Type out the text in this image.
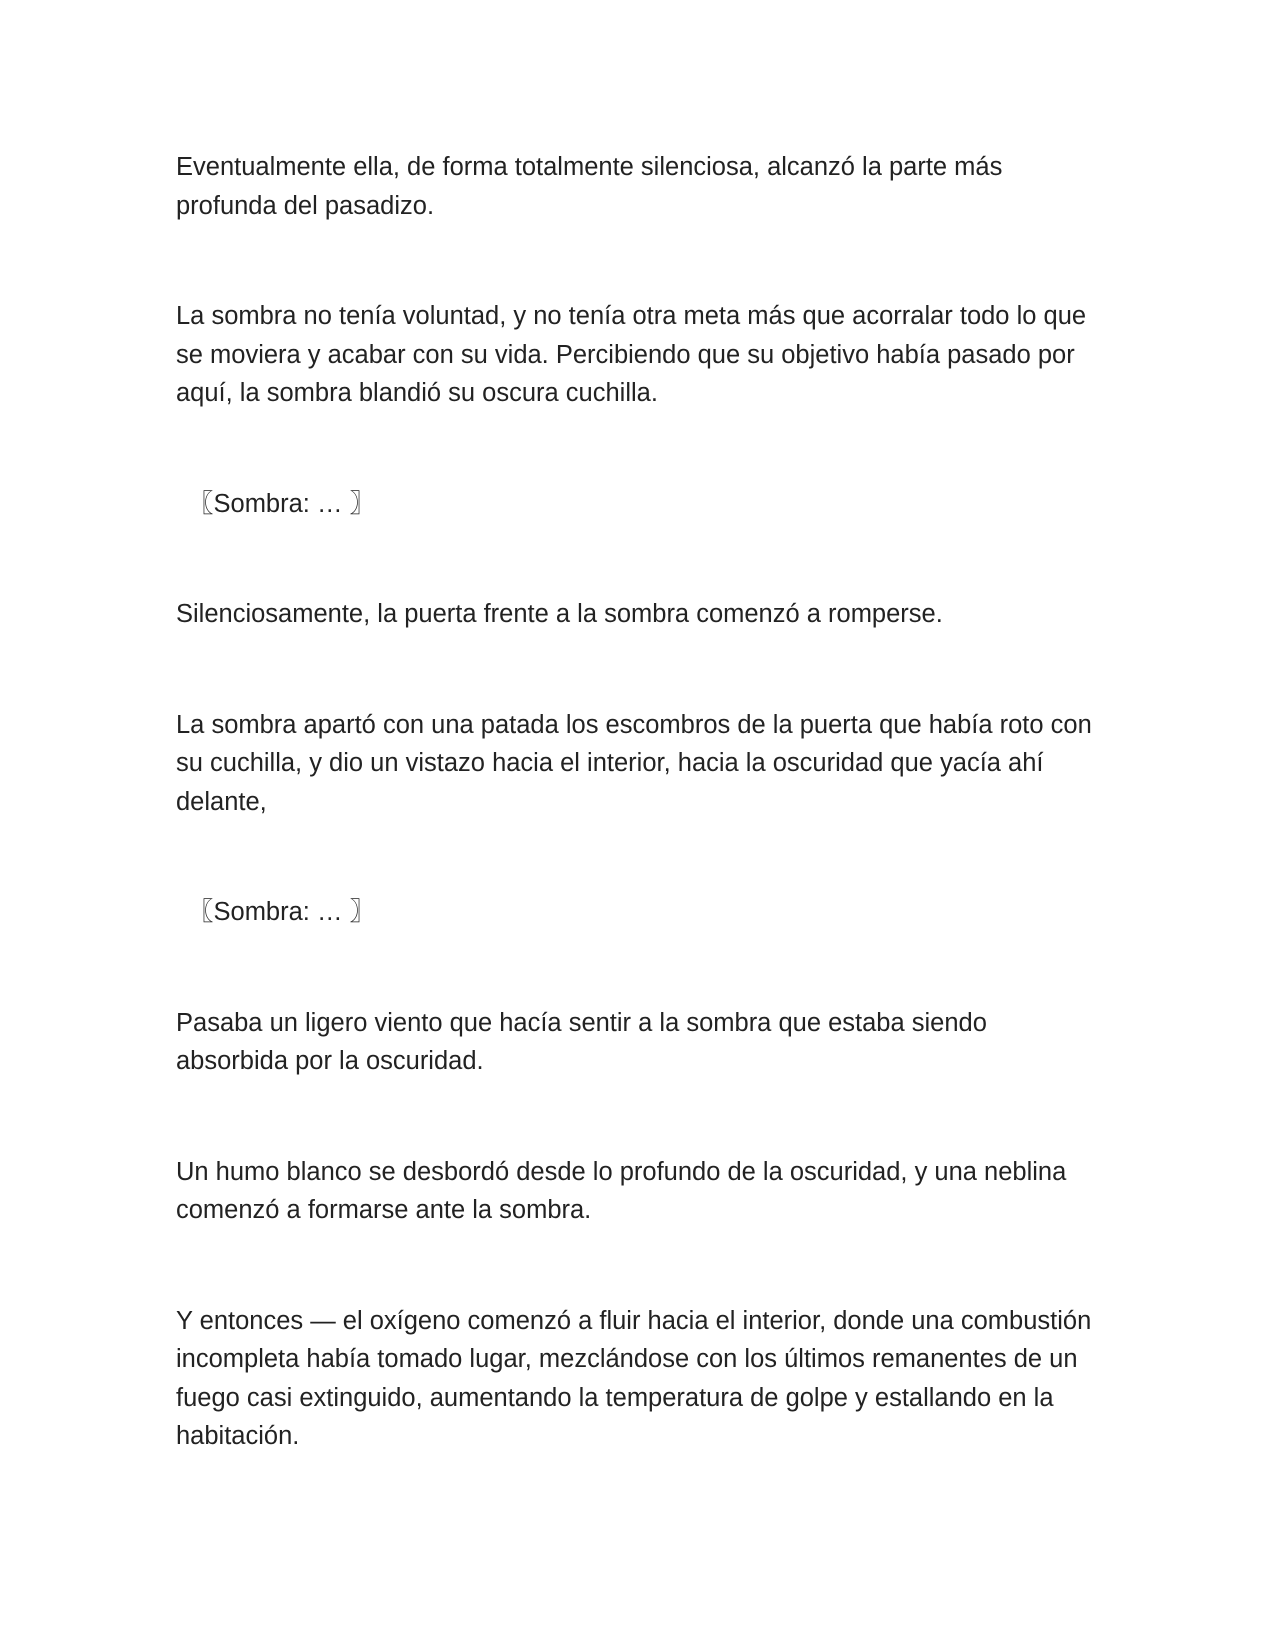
Eventualmente ella, de forma totalmente silenciosa, alcanzó la parte más profunda del pasadizo.

La sombra no tenía voluntad, y no tenía otra meta más que acorralar todo lo que se moviera y acabar con su vida. Percibiendo que su objetivo había pasado por aquí, la sombra blandió su oscura cuchilla.

〖Sombra: … 〗

Silenciosamente, la puerta frente a la sombra comenzó a romperse.

La sombra apartó con una patada los escombros de la puerta que había roto con su cuchilla, y dio un vistazo hacia el interior, hacia la oscuridad que yacía ahí delante,

〖Sombra: … 〗

Pasaba un ligero viento que hacía sentir a la sombra que estaba siendo absorbida por la oscuridad.

Un humo blanco se desbordó desde lo profundo de la oscuridad, y una neblina comenzó a formarse ante la sombra.

Y entonces — el oxígeno comenzó a fluir hacia el interior, donde una combustión incompleta había tomado lugar, mezclándose con los últimos remanentes de un fuego casi extinguido, aumentando la temperatura de golpe y estallando en la habitación.
